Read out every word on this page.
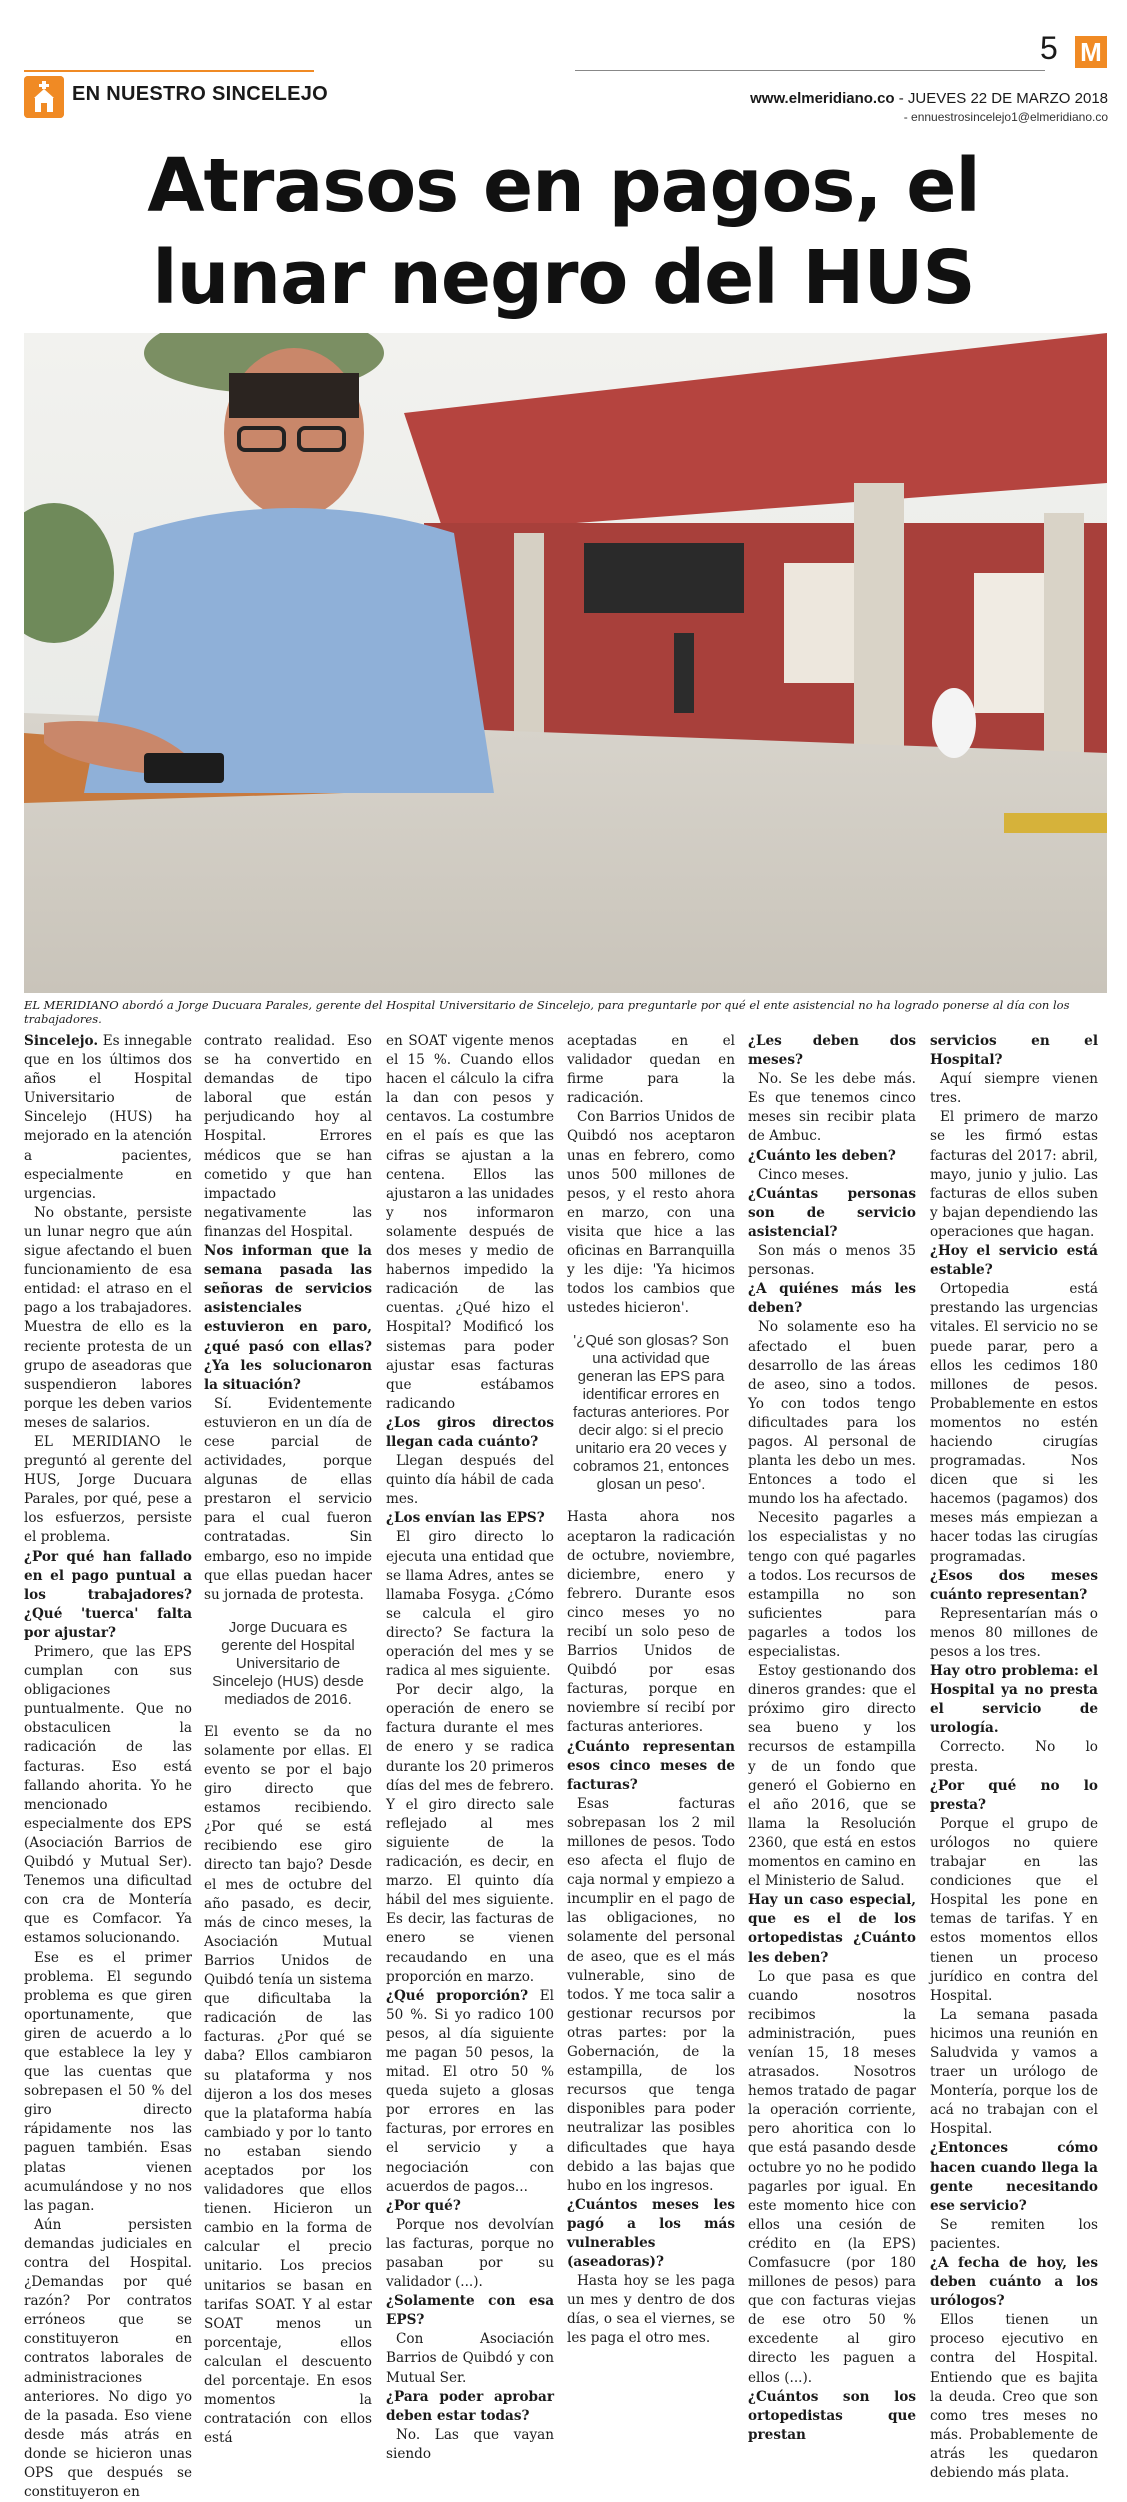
EN NUESTRO SINCELEJO
5 M
www.elmeridiano.co - JUEVES 22 DE MARZO 2018
- ennuestrosincelejo1@elmeridiano.co
Atrasos en pagos, el
lunar negro del HUS
EL MERIDIANO abordó a Jorge Ducuara Parales, gerente del Hospital Universitario de Sincelejo, para preguntarle por qué el ente asistencial no ha logrado ponerse al día con los trabajadores.

Sincelejo. Es innegable que en los últimos dos años el Hospital Universitario de Sincelejo (HUS) ha mejorado en la atención a pacientes, especialmente en urgencias.

No obstante, persiste un lunar negro que aún sigue afectando el buen funcionamiento de esa entidad: el atraso en el pago a los trabajadores. Muestra de ello es la reciente protesta de un grupo de aseadoras que suspendieron labores porque les deben varios meses de salarios.

EL MERIDIANO le preguntó al gerente del HUS, Jorge Ducuara Parales, por qué, pese a los esfuerzos, persiste el problema.

¿Por qué han fallado en el pago puntual a los trabajadores? ¿Qué 'tuerca' falta por ajustar?

Primero, que las EPS cumplan con sus obligaciones puntualmente. Que no obstaculicen la radicación de las facturas. Eso está fallando ahorita. Yo he mencionado especialmente dos EPS (Asociación Barrios de Quibdó y Mutual Ser). Tenemos una dificultad con cra de Montería que es Comfacor. Ya estamos solucionando.

Ese es el primer problema. El segundo problema es que giren oportunamente, que giren de acuerdo a lo que establece la ley y que las cuentas que sobrepasen el 50 % del giro directo rápidamente nos las paguen también. Esas platas vienen acumulándose y no nos las pagan.

Aún persisten demandas judiciales en contra del Hospital. ¿Demandas por qué razón? Por contratos erróneos que se constituyeron en contratos laborales de administraciones anteriores. No digo yo de la pasada. Eso viene desde más atrás en donde se hicieron unas OPS que después se constituyeron en

contrato realidad. Eso se ha convertido en demandas de tipo laboral que están perjudicando hoy al Hospital. Errores médicos que se han cometido y que han impactado negativamente las finanzas del Hospital.

Nos informan que la semana pasada las señoras de servicios asistenciales estuvieron en paro, ¿qué pasó con ellas? ¿Ya les solucionaron la situación?

Sí. Evidentemente estuvieron en un día de cese parcial de actividades, porque algunas de ellas prestaron el servicio para el cual fueron contratadas. Sin embargo, eso no impide que ellas puedan hacer su jornada de protesta.

Jorge Ducuara es gerente del Hospital Universitario de Sincelejo (HUS) desde mediados de 2016.

El evento se da no solamente por ellas. El evento se por el bajo giro directo que estamos recibiendo. ¿Por qué se está recibiendo ese giro directo tan bajo? Desde el mes de octubre del año pasado, es decir, más de cinco meses, la Asociación Mutual Barrios Unidos de Quibdó tenía un sistema que dificultaba la radicación de las facturas. ¿Por qué se daba? Ellos cambiaron su plataforma y nos dijeron a los dos meses que la plataforma había cambiado y por lo tanto no estaban siendo aceptados por los validadores que ellos tienen. Hicieron un cambio en la forma de calcular el precio unitario. Los precios unitarios se basan en tarifas SOAT. Y al estar SOAT menos un porcentaje, ellos calculan el descuento del porcentaje. En esos momentos la contratación con ellos está

en SOAT vigente menos el 15 %. Cuando ellos hacen el cálculo la cifra la dan con pesos y centavos. La costumbre en el país es que las cifras se ajustan a la centena. Ellos las ajustaron a las unidades y nos informaron solamente después de dos meses y medio de habernos impedido la radicación de las cuentas. ¿Qué hizo el Hospital? Modificó los sistemas para poder ajustar esas facturas que estábamos radicando

¿Los giros directos llegan cada cuánto?

Llegan después del quinto día hábil de cada mes.

¿Los envían las EPS?

El giro directo lo ejecuta una entidad que se llama Adres, antes se llamaba Fosyga. ¿Cómo se calcula el giro directo? Se factura la operación del mes y se radica al mes siguiente.

Por decir algo, la operación de enero se factura durante el mes de enero y se radica durante los 20 primeros días del mes de febrero. Y el giro directo sale reflejado al mes siguiente de la radicación, es decir, en marzo. El quinto día hábil del mes siguiente. Es decir, las facturas de enero se vienen recaudando en una proporción en marzo.

¿Qué proporción? El 50 %. Si yo radico 100 pesos, al día siguiente me pagan 50 pesos, la mitad. El otro 50 % queda sujeto a glosas por errores en las facturas, por errores en el servicio y a negociación con acuerdos de pagos...

¿Por qué?

Porque nos devolvían las facturas, porque no pasaban por su validador (...).

¿Solamente con esa EPS?

Con Asociación Barrios de Quibdó y con Mutual Ser.

¿Para poder aprobar deben estar todas?

No. Las que vayan siendo

aceptadas en el validador quedan en firme para la radicación.

Con Barrios Unidos de Quibdó nos aceptaron unas en febrero, como unos 500 millones de pesos, y el resto ahora en marzo, con una visita que hice a las oficinas en Barranquilla y les dije: 'Ya hicimos todos los cambios que ustedes hicieron'.

'¿Qué son glosas? Son una actividad que generan las EPS para identificar errores en facturas anteriores. Por decir algo: si el precio unitario era 20 veces y cobramos 21, entonces glosan un peso'.

Hasta ahora nos aceptaron la radicación de octubre, noviembre, diciembre, enero y febrero. Durante esos cinco meses yo no recibí un solo peso de Barrios Unidos de Quibdó por esas facturas, porque en noviembre sí recibí por facturas anteriores.

¿Cuánto representan esos cinco meses de facturas?

Esas facturas sobrepasan los 2 mil millones de pesos. Todo eso afecta el flujo de caja normal y empiezo a incumplir en el pago de las obligaciones, no solamente del personal de aseo, que es el más vulnerable, sino de todos. Y me toca salir a gestionar recursos por otras partes: por la Gobernación, de la estampilla, de los recursos que tenga disponibles para poder neutralizar las posibles dificultades que haya debido a las bajas que hubo en los ingresos.

¿Cuántos meses les pagó a los más vulnerables (aseadoras)?

Hasta hoy se les paga un mes y dentro de dos días, o sea el viernes, se les paga el otro mes.

¿Les deben dos meses?

No. Se les debe más. Es que tenemos cinco meses sin recibir plata de Ambuc.

¿Cuánto les deben?

Cinco meses.

¿Cuántas personas son de servicio asistencial?

Son más o menos 35 personas.

¿A quiénes más les deben?

No solamente eso ha afectado el buen desarrollo de las áreas de aseo, sino a todos. Yo con todos tengo dificultades para los pagos. Al personal de planta les debo un mes. Entonces a todo el mundo los ha afectado.

Necesito pagarles a los especialistas y no tengo con qué pagarles a todos. Los recursos de estampilla no son suficientes para pagarles a todos los especialistas.

Estoy gestionando dos dineros grandes: que el próximo giro directo sea bueno y los recursos de estampilla y de un fondo que generó el Gobierno en el año 2016, que se llama la Resolución 2360, que está en estos momentos en camino en el Ministerio de Salud.

Hay un caso especial, que es el de los ortopedistas ¿Cuánto les deben?

Lo que pasa es que cuando nosotros recibimos la administración, pues venían 15, 18 meses atrasados. Nosotros hemos tratado de pagar la operación corriente, pero ahoritica con lo que está pasando desde octubre yo no he podido pagarles por igual. En este momento hice con ellos una cesión de crédito en (la EPS) Comfasucre (por 180 millones de pesos) para que con facturas viejas de ese otro 50 % excedente al giro directo les paguen a ellos (...).

¿Cuántos son los ortopedistas que prestan

servicios en el Hospital?

Aquí siempre vienen tres.

El primero de marzo se les firmó estas facturas del 2017: abril, mayo, junio y julio. Las facturas de ellos suben y bajan dependiendo las operaciones que hagan.

¿Hoy el servicio está estable?

Ortopedia está prestando las urgencias vitales. El servicio no se puede parar, pero a ellos les cedimos 180 millones de pesos. Probablemente en estos momentos no estén haciendo cirugías programadas. Nos dicen que si les hacemos (pagamos) dos meses más empiezan a hacer todas las cirugías programadas.

¿Esos dos meses cuánto representan?

Representarían más o menos 80 millones de pesos a los tres.

Hay otro problema: el Hospital ya no presta el servicio de urología.

Correcto. No lo presta.

¿Por qué no lo presta?

Porque el grupo de urólogos no quiere trabajar en las condiciones que el Hospital les pone en temas de tarifas. Y en estos momentos ellos tienen un proceso jurídico en contra del Hospital.

La semana pasada hicimos una reunión en Saludvida y vamos a traer un urólogo de Montería, porque los de acá no trabajan con el Hospital.

¿Entonces cómo hacen cuando llega la gente necesitando ese servicio?

Se remiten los pacientes.

¿A fecha de hoy, les deben cuánto a los urólogos?

Ellos tienen un proceso ejecutivo en contra del Hospital. Entiendo que es bajita la deuda. Creo que son como tres meses no más. Probablemente de atrás les quedaron debiendo más plata.
